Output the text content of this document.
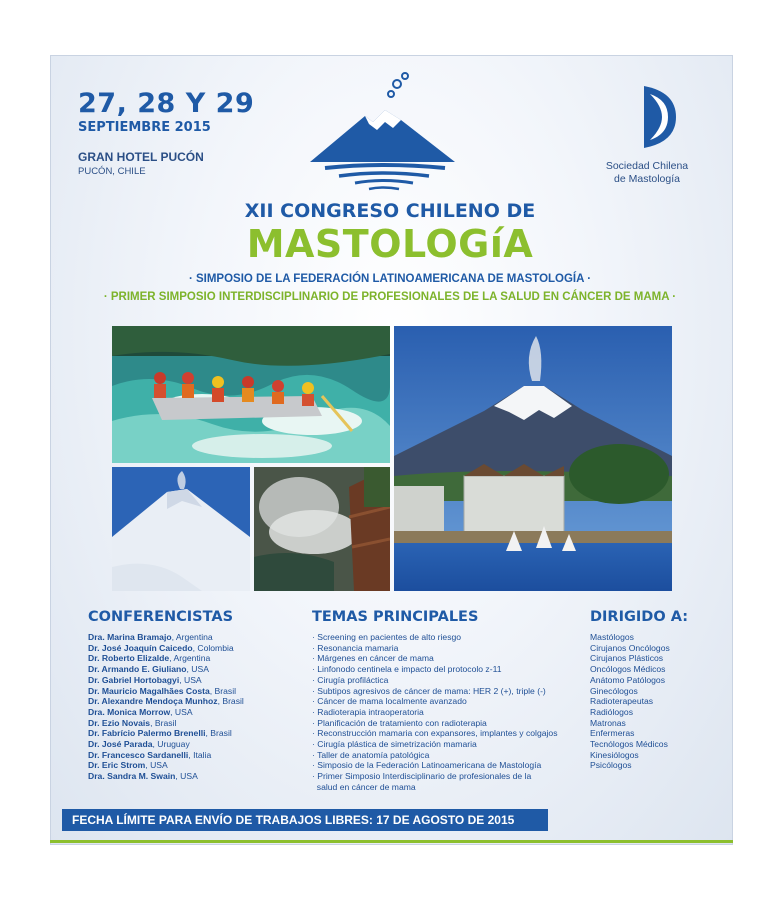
27, 28 Y 29
SEPTIEMBRE 2015
GRAN HOTEL PUCÓN
PUCÓN, CHILE	Sociedad Chilena
de Mastología
XII CONGRESO CHILENO DE
MASTOLOGíA
· SIMPOSIO DE LA FEDERACIÓN LATINOAMERICANA DE MASTOLOGÍA ·
· PRIMER SIMPOSIO INTERDISCIPLINARIO DE PROFESIONALES DE LA SALUD EN CÁNCER DE MAMA ·
CONFERENCISTAS
Dra. Marina Bramajo, Argentina
Dr. José Joaquín Caicedo, Colombia
Dr. Roberto Elizalde, Argentina
Dr. Armando E. Giuliano, USA
Dr. Gabriel Hortobagyi, USA
Dr. Mauricio Magalhães Costa, Brasil
Dr. Alexandre Mendoça Munhoz, Brasil
Dra. Monica Morrow, USA
Dr. Ezio Novais, Brasil
Dr. Fabrício Palermo Brenelli, Brasil
Dr. José Parada, Uruguay
Dr. Francesco Sardanelli, Italia
Dr. Eric Strom, USA
Dra. Sandra M. Swain, USA
TEMAS PRINCIPALES
· Screening en pacientes de alto riesgo
· Resonancia mamaria
· Márgenes en cáncer de mama
· Linfonodo centinela e impacto del protocolo z-11
· Cirugía profiláctica
· Subtipos agresivos de cáncer de mama: HER 2 (+), triple (-)
· Cáncer de mama localmente avanzado
· Radioterapia intraoperatoria
· Planificación de tratamiento con radioterapia
· Reconstrucción mamaria con expansores, implantes y colgajos
· Cirugía plástica de simetrización mamaria
· Taller de anatomía patológica
· Simposio de la Federación Latinoamericana de Mastología
· Primer Simposio Interdisciplinario de profesionales de la
salud en cáncer de mama
DIRIGIDO A:
Mastólogos
Cirujanos Oncólogos
Cirujanos Plásticos
Oncólogos Médicos
Anátomo Patólogos
Ginecólogos
Radioterapeutas
Radiólogos
Matronas
Enfermeras
Tecnólogos Médicos
Kinesiólogos
Psicólogos
FECHA LÍMITE PARA ENVÍO DE TRABAJOS LIBRES: 17 DE AGOSTO DE 2015
